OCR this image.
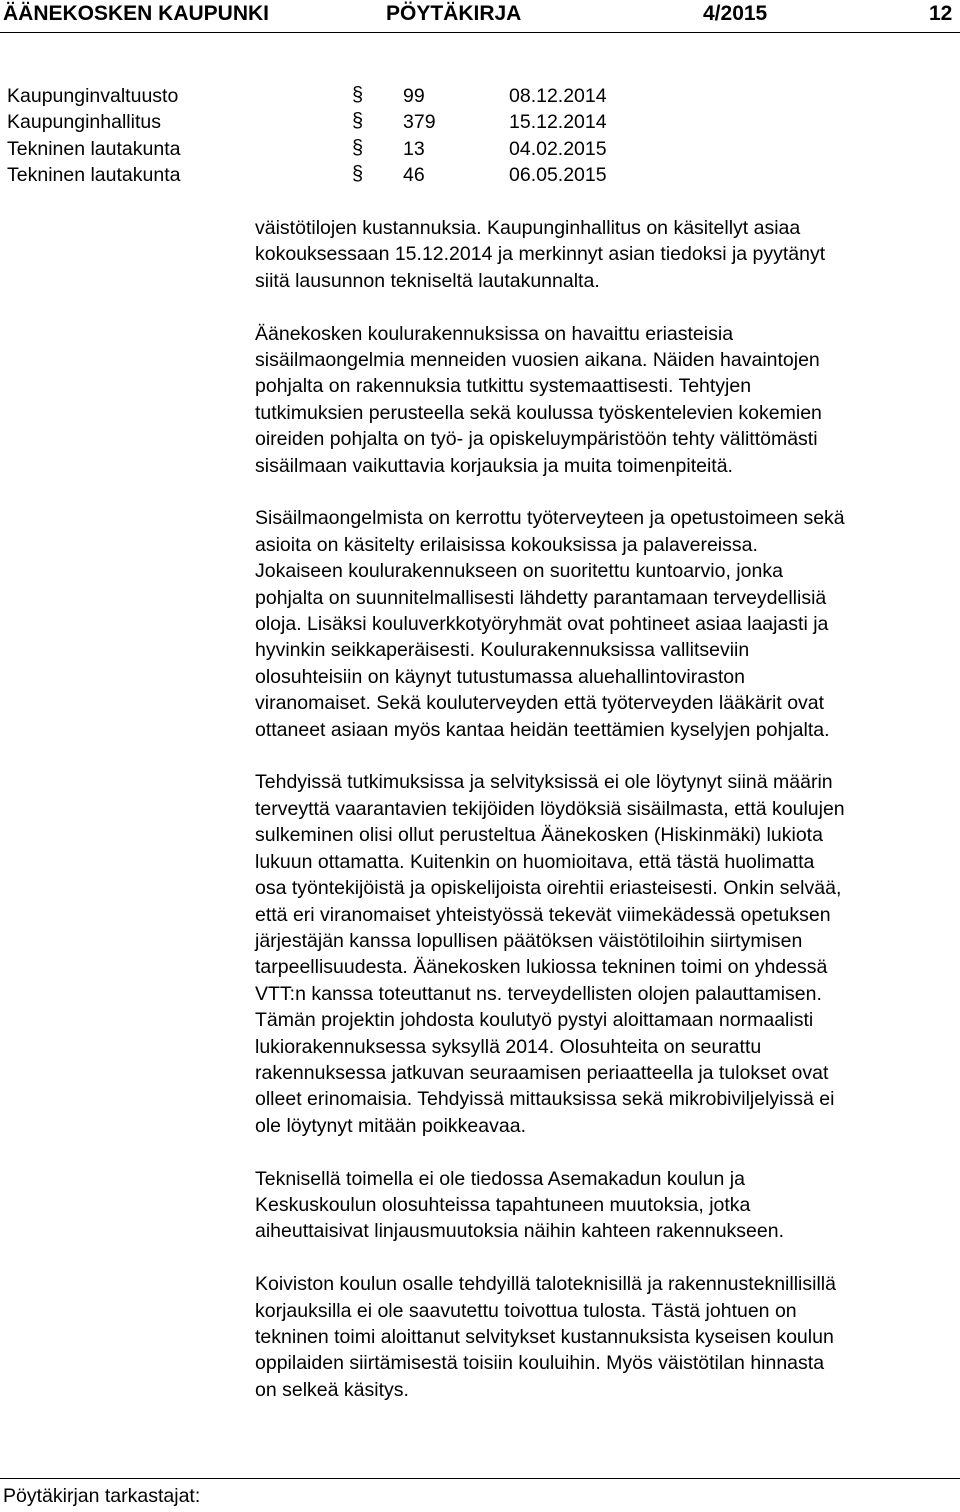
ÄÄNEKOSKEN KAUPUNKI	PÖYTÄKIRJA	4/2015	12
Kaupunginvaltuusto	§ 99	08.12.2014
Kaupunginhallitus	§ 379	15.12.2014
Tekninen lautakunta	§ 13	04.02.2015
Tekninen lautakunta	§ 46	06.05.2015

väistötilojen kustannuksia. Kaupunginhallitus on käsitellyt asiaa
kokouksessaan 15.12.2014 ja merkinnyt asian tiedoksi ja pyytänyt
siitä lausunnon tekniseltä lautakunnalta.

Äänekosken koulurakennuksissa on havaittu eriasteisia
sisäilmaongelmia menneiden vuosien aikana. Näiden havaintojen
pohjalta on rakennuksia tutkittu systemaattisesti. Tehtyjen
tutkimuksien perusteella sekä koulussa työskentelevien kokemien
oireiden pohjalta on työ- ja opiskeluympäristöön tehty välittömästi
sisäilmaan vaikuttavia korjauksia ja muita toimenpiteitä.

Sisäilmaongelmista on kerrottu työterveyteen ja opetustoimeen sekä
asioita on käsitelty erilaisissa kokouksissa ja palavereissa.
Jokaiseen koulurakennukseen on suoritettu kuntoarvio, jonka
pohjalta on suunnitelmallisesti lähdetty parantamaan terveydellisiä
oloja. Lisäksi kouluverkkotyöryhmät ovat pohtineet asiaa laajasti ja
hyvinkin seikkaperäisesti. Koulurakennuksissa vallitseviin
olosuhteisiin on käynyt tutustumassa aluehallintoviraston
viranomaiset. Sekä kouluterveyden että työterveyden lääkärit ovat
ottaneet asiaan myös kantaa heidän teettämien kyselyjen pohjalta.

Tehdyissä tutkimuksissa ja selvityksissä ei ole löytynyt siinä määrin
terveyttä vaarantavien tekijöiden löydöksiä sisäilmasta, että koulujen
sulkeminen olisi ollut perusteltua Äänekosken (Hiskinmäki) lukiota
lukuun ottamatta. Kuitenkin on huomioitava, että tästä huolimatta
osa työntekijöistä ja opiskelijoista oirehtii eriasteisesti. Onkin selvää,
että eri viranomaiset yhteistyössä tekevät viimekädessä opetuksen
järjestäjän kanssa lopullisen päätöksen väistötiloihin siirtymisen
tarpeellisuudesta. Äänekosken lukiossa tekninen toimi on yhdessä
VTT:n kanssa toteuttanut ns. terveydellisten olojen palauttamisen.
Tämän projektin johdosta koulutyö pystyi aloittamaan normaalisti
lukiorakennuksessa syksyllä 2014. Olosuhteita on seurattu
rakennuksessa jatkuvan seuraamisen periaatteella ja tulokset ovat
olleet erinomaisia. Tehdyissä mittauksissa sekä mikrobiviljelyissä ei
ole löytynyt mitään poikkeavaa.

Teknisellä toimella ei ole tiedossa Asemakadun koulun ja
Keskuskoulun olosuhteissa tapahtuneen muutoksia, jotka
aiheuttaisivat linjausmuutoksia näihin kahteen rakennukseen.

Koiviston koulun osalle tehdyillä taloteknisillä ja rakennusteknillisillä
korjauksilla ei ole saavutettu toivottua tulosta. Tästä johtuen on
tekninen toimi aloittanut selvitykset kustannuksista kyseisen koulun
oppilaiden siirtämisestä toisiin kouluihin. Myös väistötilan hinnasta
on selkeä käsitys.

Pöytäkirjan tarkastajat:
